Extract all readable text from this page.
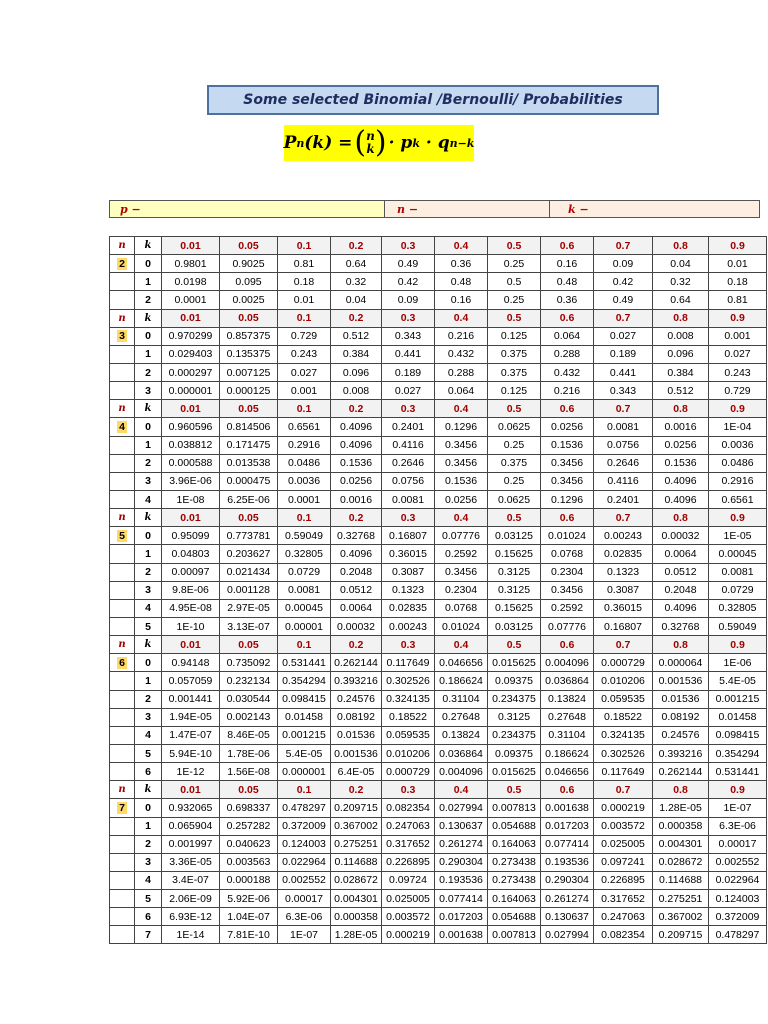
Some selected Binomial /Bernoulli/ Probabilities
P n ( k ) = ( n
k ) ·
p k
·
q n−k
p −	n −	k −
n	k	0.01	0.05	0.1	0.2	0.3	0.4	0.5	0.6	0.7	0.8	0.9
2	0	0.9801	0.9025	0.81	0.64	0.49	0.36	0.25	0.16	0.09	0.04	0.01
	1	0.0198	0.095	0.18	0.32	0.42	0.48	0.5	0.48	0.42	0.32	0.18
	2	0.0001	0.0025	0.01	0.04	0.09	0.16	0.25	0.36	0.49	0.64	0.81
n	k	0.01	0.05	0.1	0.2	0.3	0.4	0.5	0.6	0.7	0.8	0.9
3	0	0.970299	0.857375	0.729	0.512	0.343	0.216	0.125	0.064	0.027	0.008	0.001
	1	0.029403	0.135375	0.243	0.384	0.441	0.432	0.375	0.288	0.189	0.096	0.027
	2	0.000297	0.007125	0.027	0.096	0.189	0.288	0.375	0.432	0.441	0.384	0.243
	3	0.000001	0.000125	0.001	0.008	0.027	0.064	0.125	0.216	0.343	0.512	0.729
n	k	0.01	0.05	0.1	0.2	0.3	0.4	0.5	0.6	0.7	0.8	0.9
4	0	0.960596	0.814506	0.6561	0.4096	0.2401	0.1296	0.0625	0.0256	0.0081	0.0016	1E-04
	1	0.038812	0.171475	0.2916	0.4096	0.4116	0.3456	0.25	0.1536	0.0756	0.0256	0.0036
	2	0.000588	0.013538	0.0486	0.1536	0.2646	0.3456	0.375	0.3456	0.2646	0.1536	0.0486
	3	3.96E-06	0.000475	0.0036	0.0256	0.0756	0.1536	0.25	0.3456	0.4116	0.4096	0.2916
	4	1E-08	6.25E-06	0.0001	0.0016	0.0081	0.0256	0.0625	0.1296	0.2401	0.4096	0.6561
n	k	0.01	0.05	0.1	0.2	0.3	0.4	0.5	0.6	0.7	0.8	0.9
5	0	0.95099	0.773781	0.59049	0.32768	0.16807	0.07776	0.03125	0.01024	0.00243	0.00032	1E-05
	1	0.04803	0.203627	0.32805	0.4096	0.36015	0.2592	0.15625	0.0768	0.02835	0.0064	0.00045
	2	0.00097	0.021434	0.0729	0.2048	0.3087	0.3456	0.3125	0.2304	0.1323	0.0512	0.0081
	3	9.8E-06	0.001128	0.0081	0.0512	0.1323	0.2304	0.3125	0.3456	0.3087	0.2048	0.0729
	4	4.95E-08	2.97E-05	0.00045	0.0064	0.02835	0.0768	0.15625	0.2592	0.36015	0.4096	0.32805
	5	1E-10	3.13E-07	0.00001	0.00032	0.00243	0.01024	0.03125	0.07776	0.16807	0.32768	0.59049
n	k	0.01	0.05	0.1	0.2	0.3	0.4	0.5	0.6	0.7	0.8	0.9
6	0	0.94148	0.735092	0.531441	0.262144	0.117649	0.046656	0.015625	0.004096	0.000729	0.000064	1E-06
	1	0.057059	0.232134	0.354294	0.393216	0.302526	0.186624	0.09375	0.036864	0.010206	0.001536	5.4E-05
	2	0.001441	0.030544	0.098415	0.24576	0.324135	0.31104	0.234375	0.13824	0.059535	0.01536	0.001215
	3	1.94E-05	0.002143	0.01458	0.08192	0.18522	0.27648	0.3125	0.27648	0.18522	0.08192	0.01458
	4	1.47E-07	8.46E-05	0.001215	0.01536	0.059535	0.13824	0.234375	0.31104	0.324135	0.24576	0.098415
	5	5.94E-10	1.78E-06	5.4E-05	0.001536	0.010206	0.036864	0.09375	0.186624	0.302526	0.393216	0.354294
	6	1E-12	1.56E-08	0.000001	6.4E-05	0.000729	0.004096	0.015625	0.046656	0.117649	0.262144	0.531441
n	k	0.01	0.05	0.1	0.2	0.3	0.4	0.5	0.6	0.7	0.8	0.9
7	0	0.932065	0.698337	0.478297	0.209715	0.082354	0.027994	0.007813	0.001638	0.000219	1.28E-05	1E-07
	1	0.065904	0.257282	0.372009	0.367002	0.247063	0.130637	0.054688	0.017203	0.003572	0.000358	6.3E-06
	2	0.001997	0.040623	0.124003	0.275251	0.317652	0.261274	0.164063	0.077414	0.025005	0.004301	0.00017
	3	3.36E-05	0.003563	0.022964	0.114688	0.226895	0.290304	0.273438	0.193536	0.097241	0.028672	0.002552
	4	3.4E-07	0.000188	0.002552	0.028672	0.09724	0.193536	0.273438	0.290304	0.226895	0.114688	0.022964
	5	2.06E-09	5.92E-06	0.00017	0.004301	0.025005	0.077414	0.164063	0.261274	0.317652	0.275251	0.124003
	6	6.93E-12	1.04E-07	6.3E-06	0.000358	0.003572	0.017203	0.054688	0.130637	0.247063	0.367002	0.372009
	7	1E-14	7.81E-10	1E-07	1.28E-05	0.000219	0.001638	0.007813	0.027994	0.082354	0.209715	0.478297
